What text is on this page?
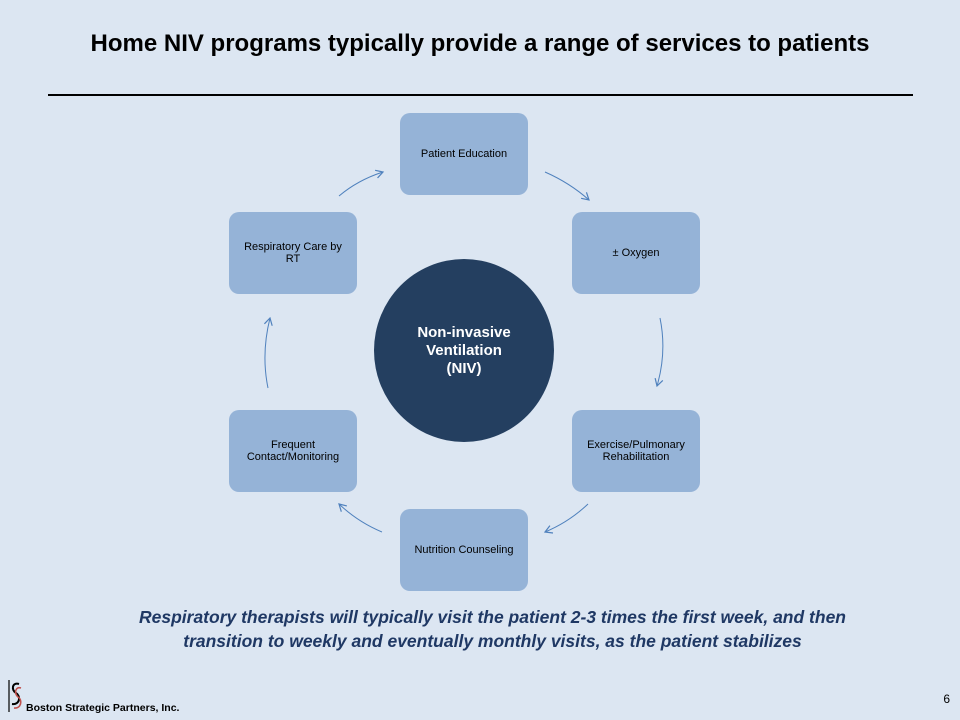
Home NIV programs typically provide a range of services to patients
Patient Education
± Oxygen
Exercise/Pulmonary Rehabilitation
Nutrition Counseling
Frequent Contact/Monitoring
Respiratory Care by RT
Non-invasive
Ventilation
(NIV)
Respiratory therapists will typically visit the patient 2-3 times the first week, and then transition to weekly and eventually monthly visits, as the patient stabilizes
Boston Strategic Partners, Inc.
6
